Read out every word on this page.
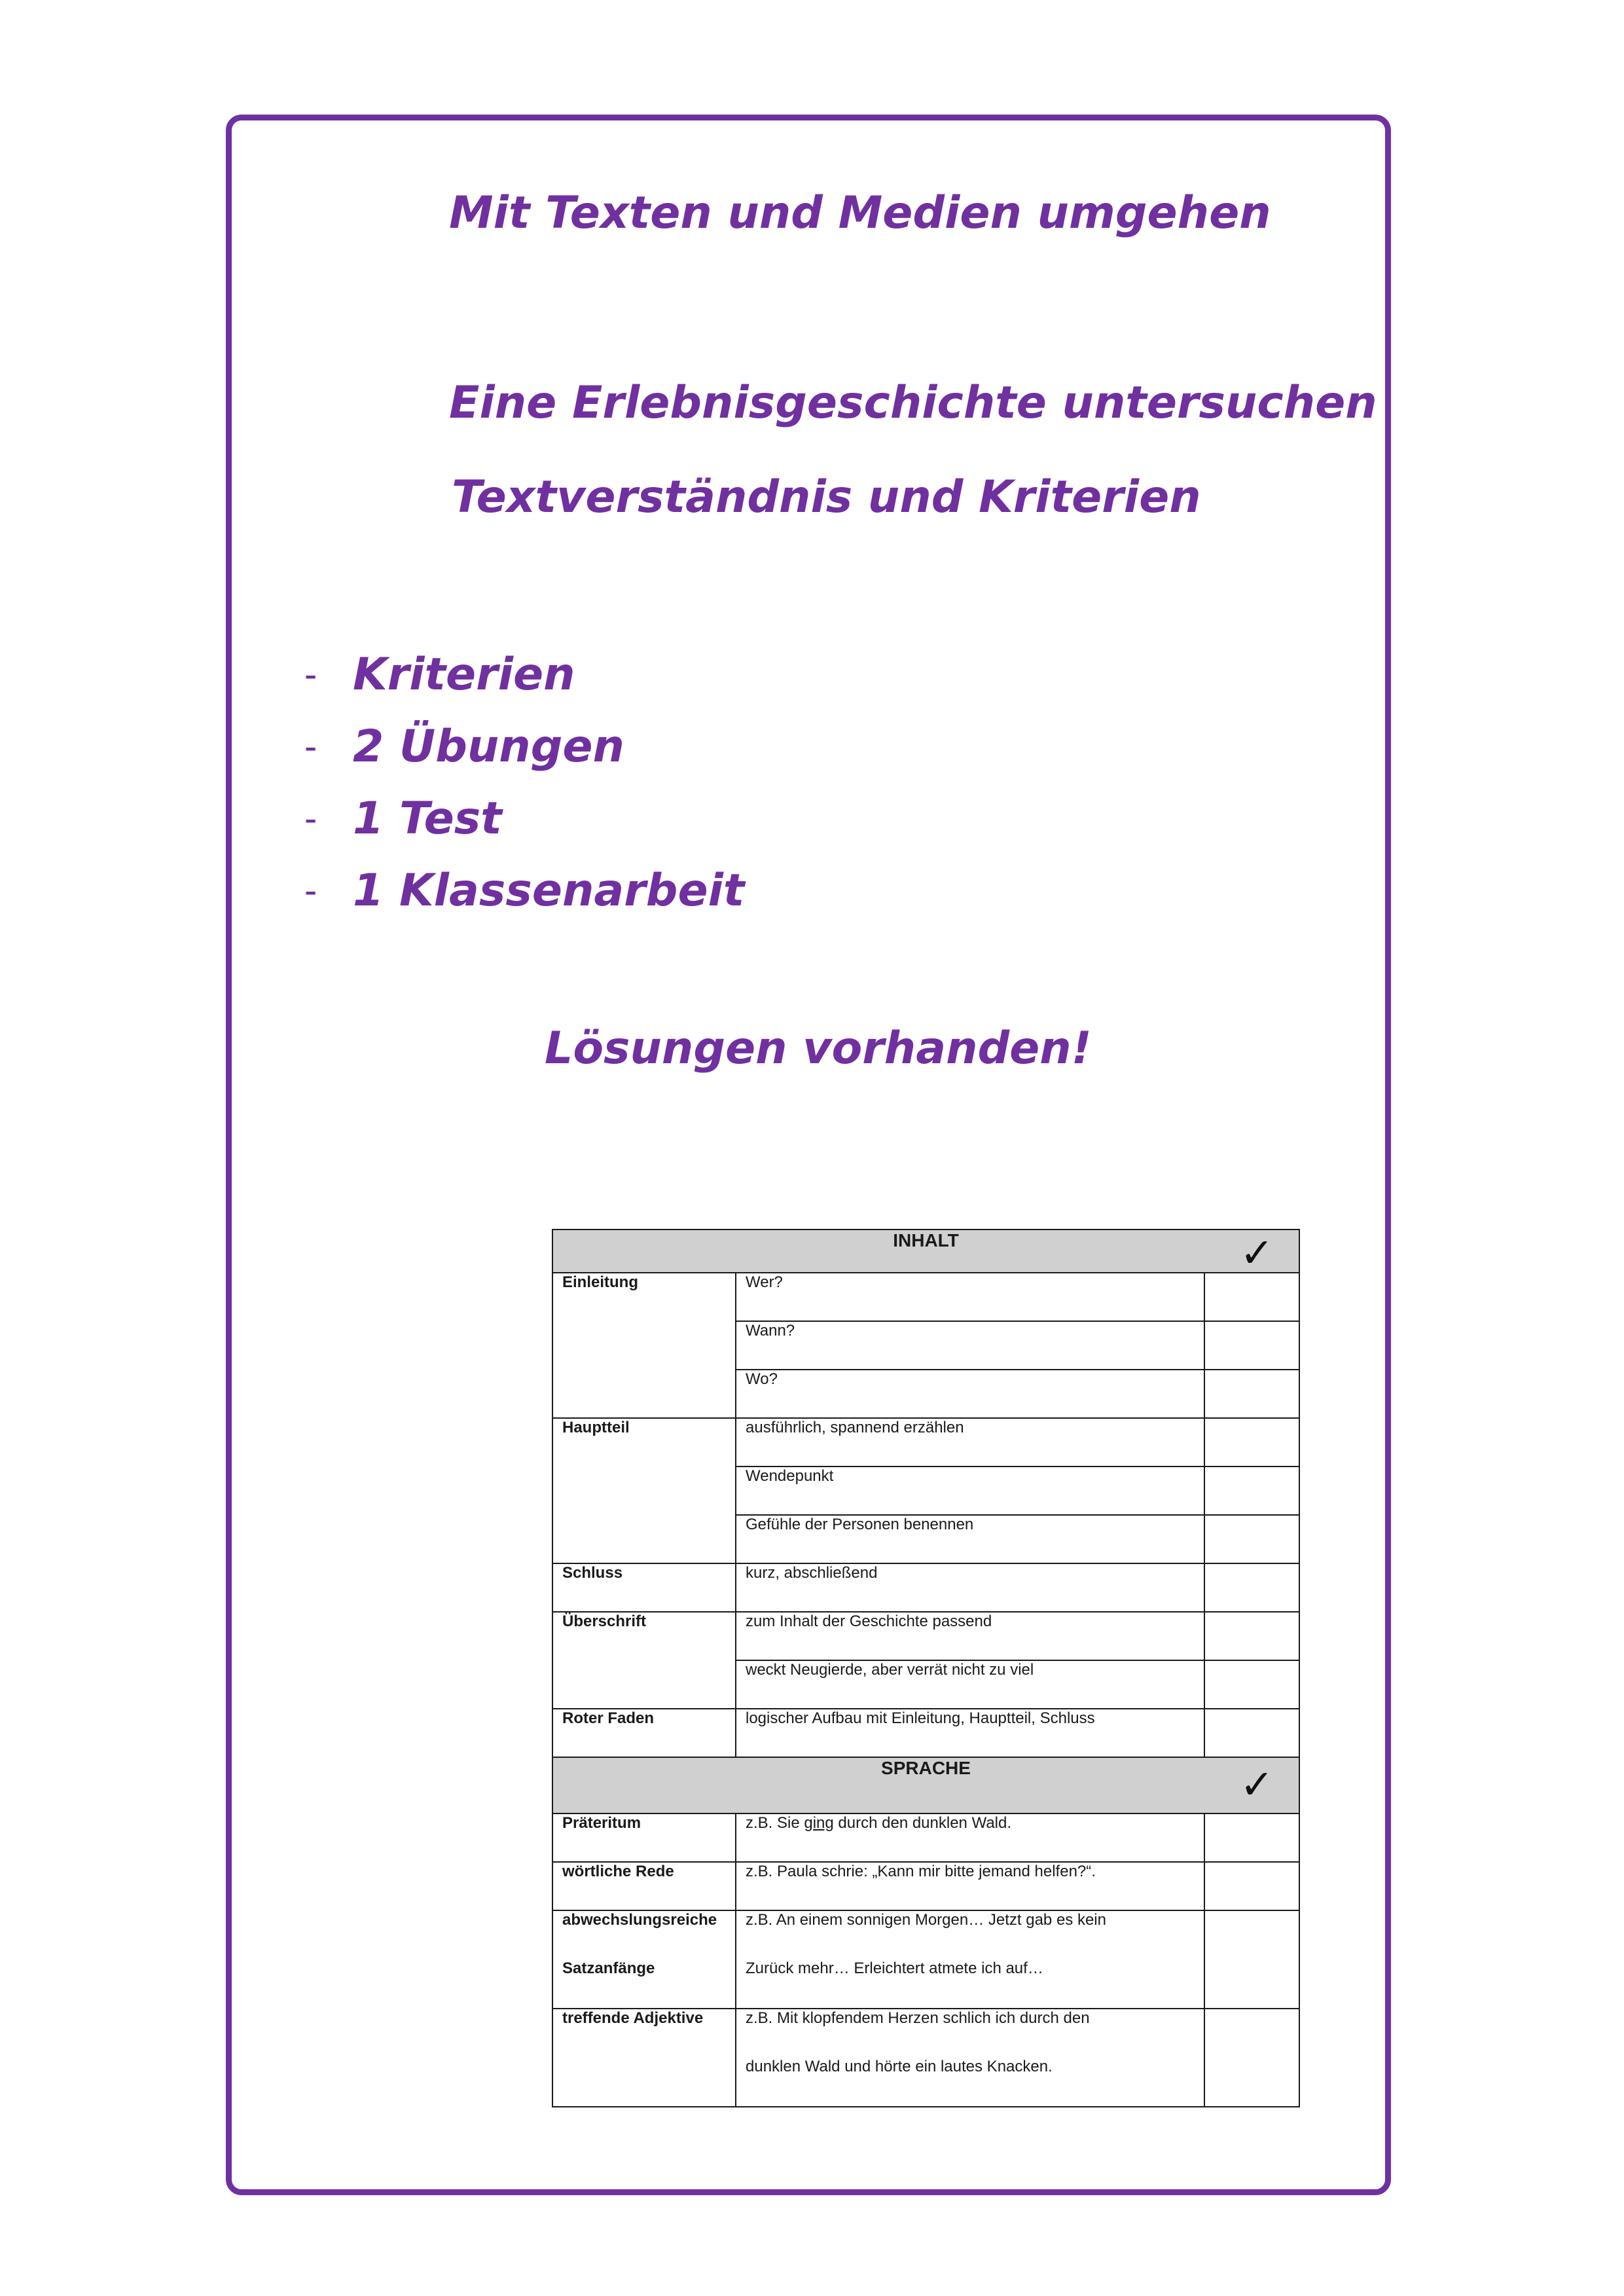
Mit Texten und Medien umgehen
Eine Erlebnisgeschichte untersuchen
Textverständnis und Kriterien
- Kriterien
- 2 Übungen
- 1 Test
- 1 Klassenarbeit
Lösungen vorhanden!
INHALT ✓		

Einleitung	Wer?	
	Wann?	
	Wo?	
Hauptteil	ausführlich, spannend erzählen	
	Wendepunkt	
	Gefühle der Personen benennen	
Schluss	kurz, abschließend	
Überschrift	zum Inhalt der Geschichte passend	
	weckt Neugierde, aber verrät nicht zu viel	
Roter Faden	logischer Aufbau mit Einleitung, Hauptteil, Schluss	
SPRACHE ✓		

Präteritum	z.B. Sie ging durch den dunklen Wald.	
wörtliche Rede	z.B. Paula schrie: „Kann mir bitte jemand helfen?“.	

abwechslungsreiche
Satzanfänge	z.B. An einem sonnigen Morgen… Jetzt gab es kein
Zurück mehr… Erleichtert atmete ich auf…	

treffende Adjektive	z.B. Mit klopfendem Herzen schlich ich durch den
dunklen Wald und hörte ein lautes Knacken.	
